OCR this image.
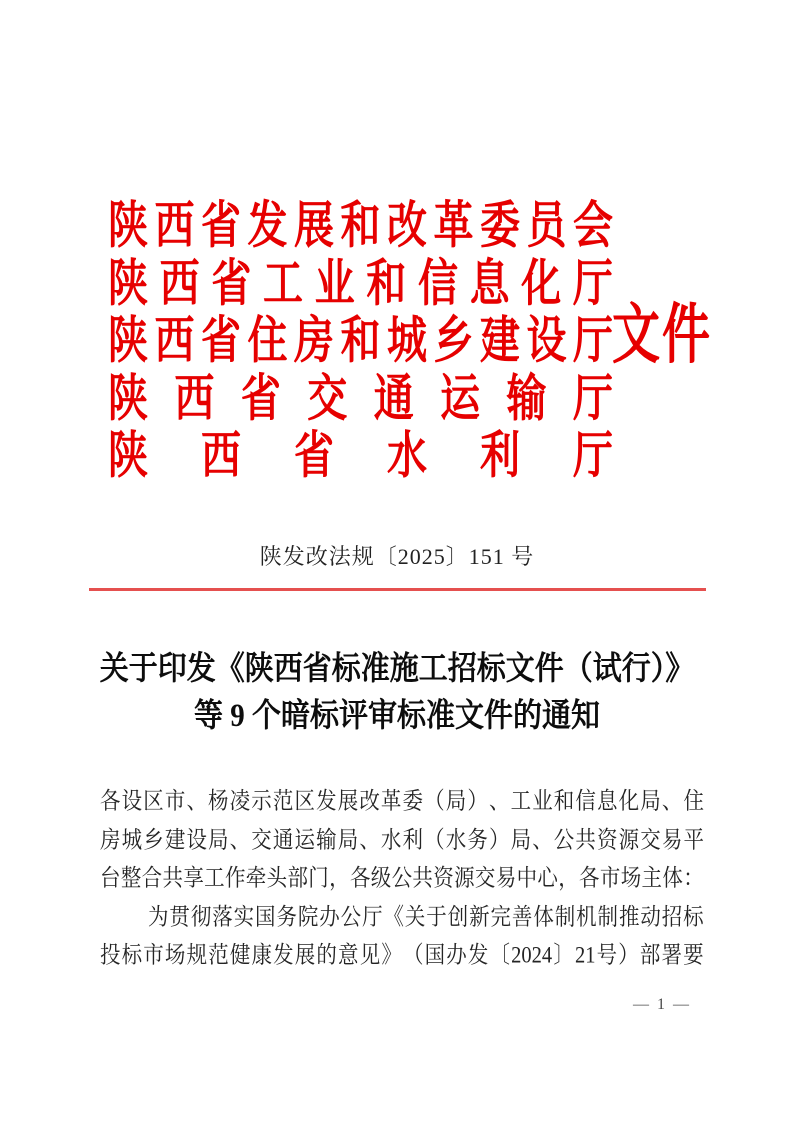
陕 西 省 发 展 和 改 革 委 员 会
陕 西 省 工 业 和 信 息 化 厅
陕 西 省 住 房 和 城 乡 建 设 厅
陕 西 省 交 通 运 输 厅
陕 西 省 水 利 厅
文 件
陕发改法规〔2025〕151 号
关于印发《陕西省标准施工招标文件（试行）》
等 9 个暗标评审标准文件的通知
各 设 区 市 、 杨 凌 示 范 区 发 展 改 革 委 （ 局 ） 、 工 业 和 信 息 化 局 、 住
房 城 乡 建 设 局 、 交 通 运 输 局 、 水 利 （ 水 务 ） 局 、 公 共 资 源 交 易 平
台 整 合 共 享 工 作 牵 头 部 门 ， 各 级 公 共 资 源 交 易 中 心 ， 各 市 场 主 体 ：
为 贯 彻 落 实 国 务 院 办 公 厅 《 关 于 创 新 完 善 体 制 机 制 推 动 招 标
投 标 市 场 规 范 健 康 发 展 的 意 见 》 （ 国 办 发 〔 2024 〕 21 号 ） 部 署 要
— 1 —
